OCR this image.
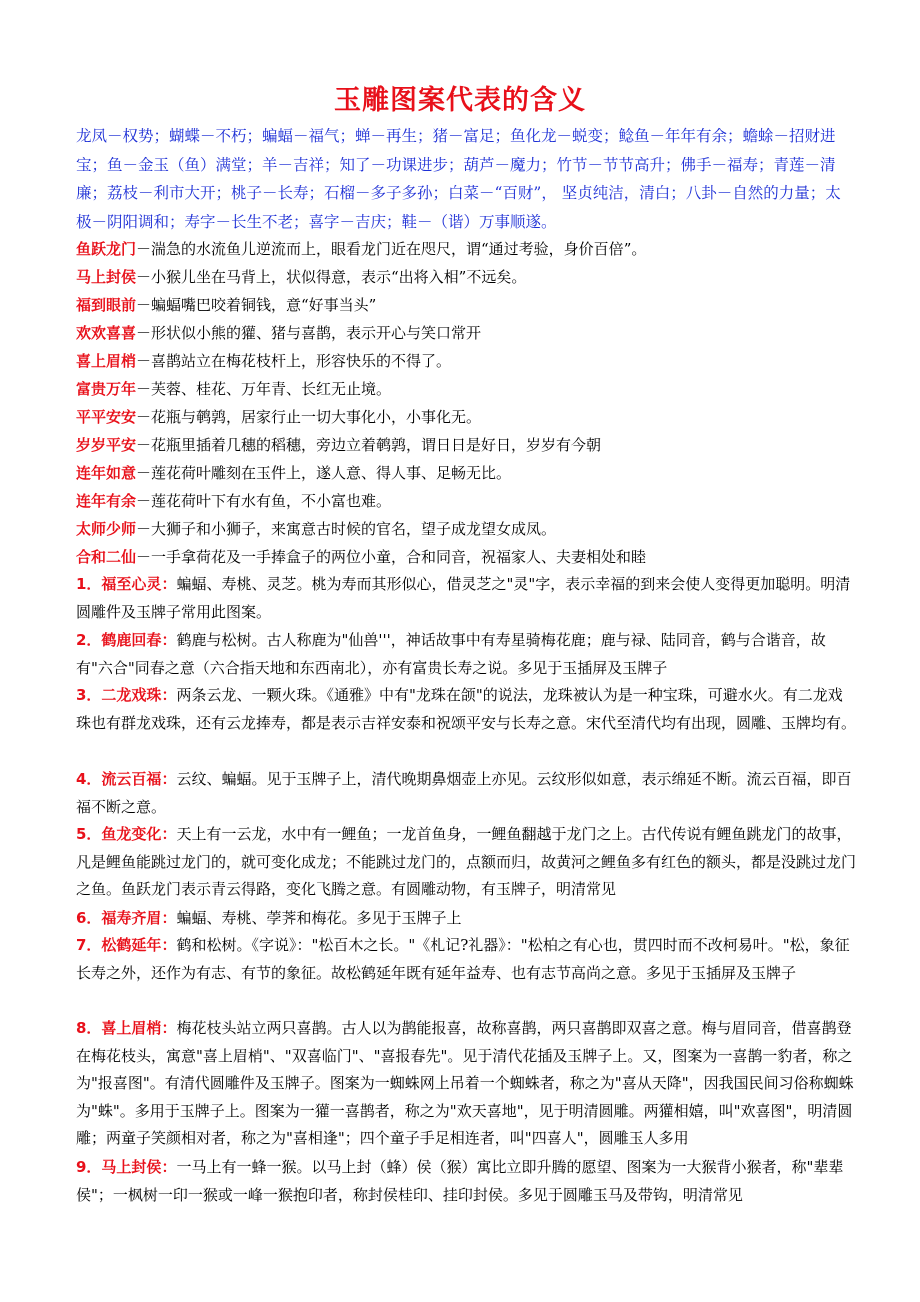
玉雕图案代表的含义
龙凤－权势；蝴蝶－不朽；蝙蝠－福气；蝉－再生；猪－富足；鱼化龙－蜕变；鲶鱼－年年有余；蟾蜍－招财进宝；鱼－金玉（鱼）满堂；羊－吉祥；知了－功课进步；葫芦－魔力；竹节－节节高升；佛手－福寿；青莲－清廉；荔枝－利市大开；桃子－长寿；石榴－多子多孙；白菜－“百财”， 坚贞纯洁，清白；八卦－自然的力量；太极－阴阳调和；寿字－长生不老；喜字－吉庆；鞋－（谐）万事顺遂。
鱼跃龙门－湍急的水流鱼儿逆流而上，眼看龙门近在咫尺，谓“通过考验，身价百倍”。
马上封侯－小猴儿坐在马背上，状似得意，表示“出将入相”不远矣。
福到眼前－蝙蝠嘴巴咬着铜钱，意“好事当头”
欢欢喜喜－形状似小熊的獾、猪与喜鹊，表示开心与笑口常开
喜上眉梢－喜鹊站立在梅花枝杆上，形容快乐的不得了。
富贵万年－芙蓉、桂花、万年青、长红无止境。
平平安安－花瓶与鹌鹑，居家行止一切大事化小，小事化无。
岁岁平安－花瓶里插着几穗的稻穗，旁边立着鹌鹑，谓日日是好日，岁岁有今朝
连年如意－莲花荷叶雕刻在玉件上，遂人意、得人事、足畅无比。
连年有余－莲花荷叶下有水有鱼，不小富也难。
太师少师－大狮子和小狮子，来寓意古时候的官名，望子成龙望女成凤。
合和二仙－一手拿荷花及一手捧盒子的两位小童，合和同音，祝福家人、夫妻相处和睦
1．福至心灵：蝙蝠、寿桃、灵芝。桃为寿而其形似心，借灵芝之"灵"字，表示幸福的到来会使人变得更加聪明。明清圆雕件及玉牌子常用此图案。
2．鹤鹿回春：鹤鹿与松树。古人称鹿为"仙兽'''，神话故事中有寿星骑梅花鹿；鹿与禄、陆同音，鹤与合谐音，故有"六合"同春之意（六合指天地和东西南北），亦有富贵长寿之说。多见于玉插屏及玉牌子
3．二龙戏珠：两条云龙、一颗火珠。《通雅》中有"龙珠在颌"的说法，龙珠被认为是一种宝珠，可避水火。有二龙戏珠也有群龙戏珠，还有云龙捧寿，都是表示吉祥安泰和祝颂平安与长寿之意。宋代至清代均有出现，圆雕、玉牌均有。
4．流云百福：云纹、蝙蝠。见于玉牌子上，清代晚期鼻烟壶上亦见。云纹形似如意，表示绵延不断。流云百福，即百福不断之意。
5．鱼龙变化：天上有一云龙，水中有一鲤鱼；一龙首鱼身，一鲤鱼翻越于龙门之上。古代传说有鲤鱼跳龙门的故事，凡是鲤鱼能跳过龙门的，就可变化成龙；不能跳过龙门的，点额而归，故黄河之鲤鱼多有红色的额头，都是没跳过龙门之鱼。鱼跃龙门表示青云得路，变化飞腾之意。有圆雕动物，有玉牌子，明清常见
6．福寿齐眉：蝙蝠、寿桃、荸荠和梅花。多见于玉牌子上
7．松鹤延年：鹤和松树。《字说》："松百木之长。"《札记?礼器》："松柏之有心也，贯四时而不改柯易叶。"松，象征长寿之外，还作为有志、有节的象征。故松鹤延年既有延年益寿、也有志节高尚之意。多见于玉插屏及玉牌子
8．喜上眉梢：梅花枝头站立两只喜鹊。古人以为鹊能报喜，故称喜鹊，两只喜鹊即双喜之意。梅与眉同音，借喜鹊登在梅花枝头，寓意"喜上眉梢"、"双喜临门"、"喜报春先"。见于清代花插及玉牌子上。又，图案为一喜鹊一豹者，称之为"报喜图"。有清代圆雕件及玉牌子。图案为一蜘蛛网上吊着一个蜘蛛者，称之为"喜从天降"，因我国民间习俗称蜘蛛为"蛛"。多用于玉牌子上。图案为一獾一喜鹊者，称之为"欢天喜地"，见于明清圆雕。两獾相嬉，叫"欢喜图"，明清圆雕；两童子笑颜相对者，称之为"喜相逢"；四个童子手足相连者，叫"四喜人"，圆雕玉人多用
9．马上封侯：一马上有一蜂一猴。以马上封（蜂）侯（猴）寓比立即升腾的愿望、图案为一大猴背小猴者，称"辈辈侯"；一枫树一印一猴或一峰一猴抱印者，称封侯桂印、挂印封侯。多见于圆雕玉马及带钩，明清常见
